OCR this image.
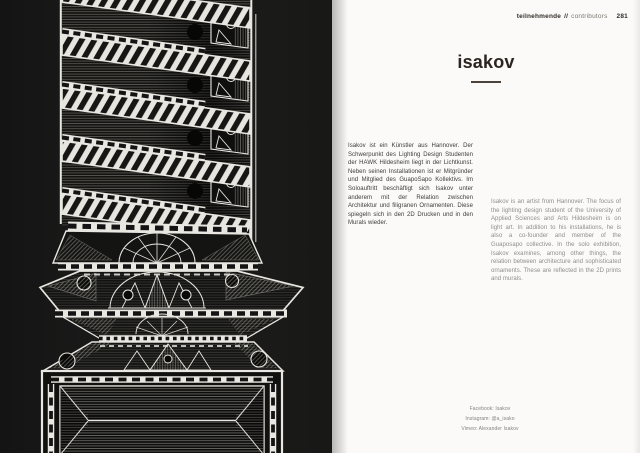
teilnehmende // contributors 281
isakov

Isakov ist ein Künstler aus Hannover. Der Schwerpunkt des Lighting Design Studenten der HAWK Hildesheim liegt in der Lichtkunst. Neben seinen Installationen ist er Mitgründer und Mitglied des GuapoSapo Kollektivs. Im Soloauftritt beschäftigt sich Isakov unter anderem mit der Relation zwischen Architektur und filigranen Ornamenten. Diese spiegeln sich in den 2D Drucken und in den Murals wieder.

Isakov is an artist from Hannover. The focus of the lighting design student of the University of Applied Sciences and Arts Hildesheim is on light art. In addition to his installations, he is also a co-founder and member of the Guaposapo collective. In the solo exhibition, Isakov examines, among other things, the relation between architecture and sophisticated ornaments. These are reflected in the 2D prints and murals.

Facebook: Isakov
Instagram: @a_isako
Vimeo: Alexander Isakov
